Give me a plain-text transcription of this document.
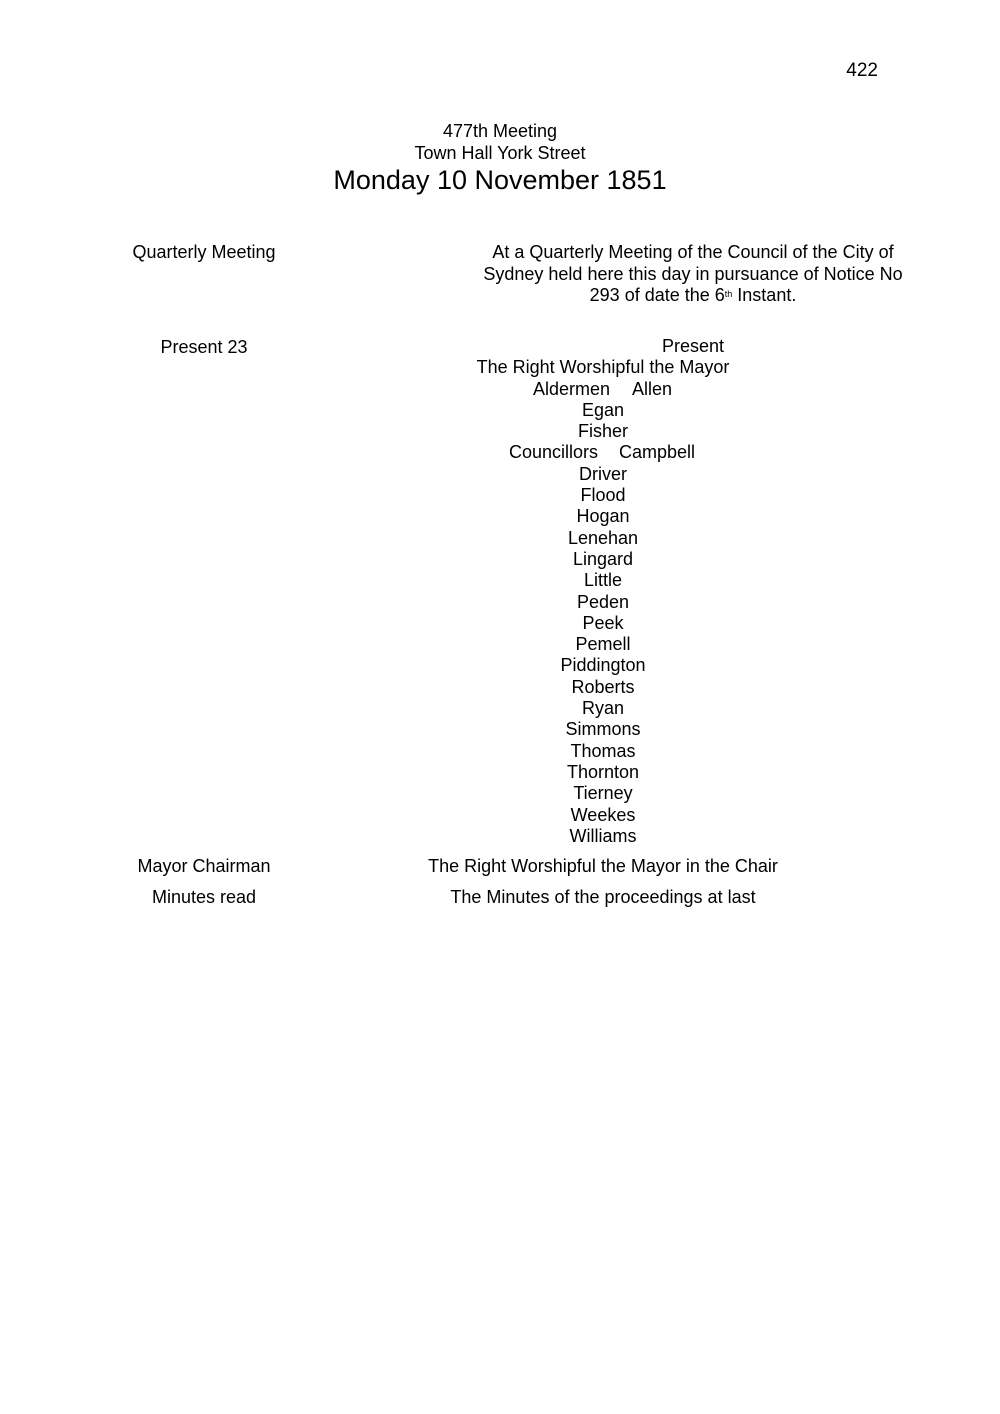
422
477th Meeting
Town Hall York Street
Monday 10 November 1851
Quarterly Meeting	At a Quarterly Meeting of the Council of the City of Sydney held here this day in pursuance of Notice No 293 of date the 6th Instant.
Present 23	Present
The Right Worshipful the Mayor
Aldermen Allen
Egan
Fisher
Councillors Campbell
Driver
Flood
Hogan
Lenehan
Lingard
Little
Peden
Peek
Pemell
Piddington
Roberts
Ryan
Simmons
Thomas
Thornton
Tierney
Weekes
Williams
Mayor Chairman	The Right Worshipful the Mayor in the Chair
Minutes read	The Minutes of the proceedings at last
